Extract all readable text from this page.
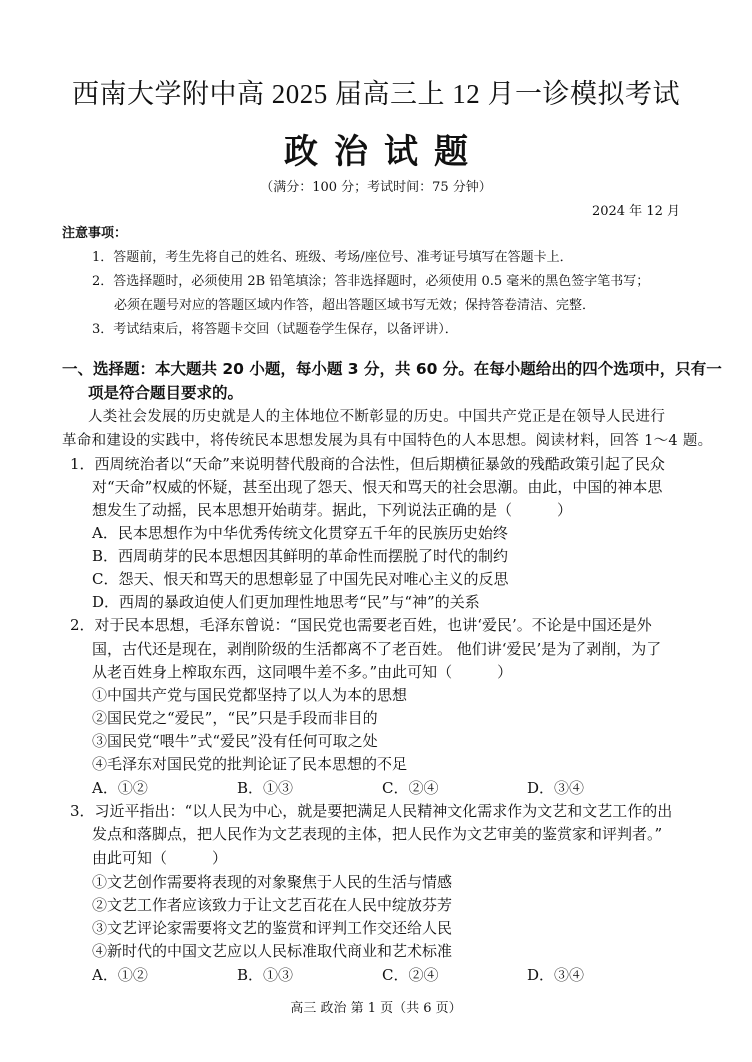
西南大学附中高 2025 届高三上 12 月一诊模拟考试
政治试题
（满分：100 分；考试时间：75 分钟）
2024 年 12 月
注意事项：
1．答题前，考生先将自己的姓名、班级、考场/座位号、准考证号填写在答题卡上．
2．答选择题时，必须使用 2B 铅笔填涂；答非选择题时，必须使用 0.5 毫米的黑色签字笔书写；
必须在题号对应的答题区域内作答，超出答题区域书写无效；保持答卷清洁、完整．
3．考试结束后，将答题卡交回（试题卷学生保存，以备评讲）．
一、选择题：本大题共 20 小题，每小题 3 分，共 60 分。在每小题给出的四个选项中，只有一
项是符合题目要求的。
人类社会发展的历史就是人的主体地位不断彰显的历史。中国共产党正是在领导人民进行
革命和建设的实践中，将传统民本思想发展为具有中国特色的人本思想。阅读材料，回答 1～4 题。
1．西周统治者以“天命”来说明替代殷商的合法性，但后期横征暴敛的残酷政策引起了民众
对“天命”权威的怀疑，甚至出现了怨天、恨天和骂天的社会思潮。由此，中国的神本思
想发生了动摇，民本思想开始萌芽。据此，下列说法正确的是（　　　）
A．民本思想作为中华优秀传统文化贯穿五千年的民族历史始终
B．西周萌芽的民本思想因其鲜明的革命性而摆脱了时代的制约
C．怨天、恨天和骂天的思想彰显了中国先民对唯心主义的反思
D．西周的暴政迫使人们更加理性地思考“民”与“神”的关系
2．对于民本思想，毛泽东曾说：“国民党也需要老百姓，也讲‘爱民’。不论是中国还是外
国，古代还是现在，剥削阶级的生活都离不了老百姓。 他们讲‘爱民’是为了剥削，为了
从老百姓身上榨取东西，这同喂牛差不多。”由此可知（　　　）
①中国共产党与国民党都坚持了以人为本的思想
②国民党之“爱民”，“民”只是手段而非目的
③国民党“喂牛”式“爱民”没有任何可取之处
④毛泽东对国民党的批判论证了民本思想的不足
A．①②	B．①③	C．②④	D．③④
3．习近平指出：“以人民为中心，就是要把满足人民精神文化需求作为文艺和文艺工作的出
发点和落脚点，把人民作为文艺表现的主体，把人民作为文艺审美的鉴赏家和评判者。”
由此可知（　　　）
①文艺创作需要将表现的对象聚焦于人民的生活与情感
②文艺工作者应该致力于让文艺百花在人民中绽放芬芳
③文艺评论家需要将文艺的鉴赏和评判工作交还给人民
④新时代的中国文艺应以人民标准取代商业和艺术标准
A．①②	B．①③	C．②④	D．③④
高三 政治 第 1 页（共 6 页）
